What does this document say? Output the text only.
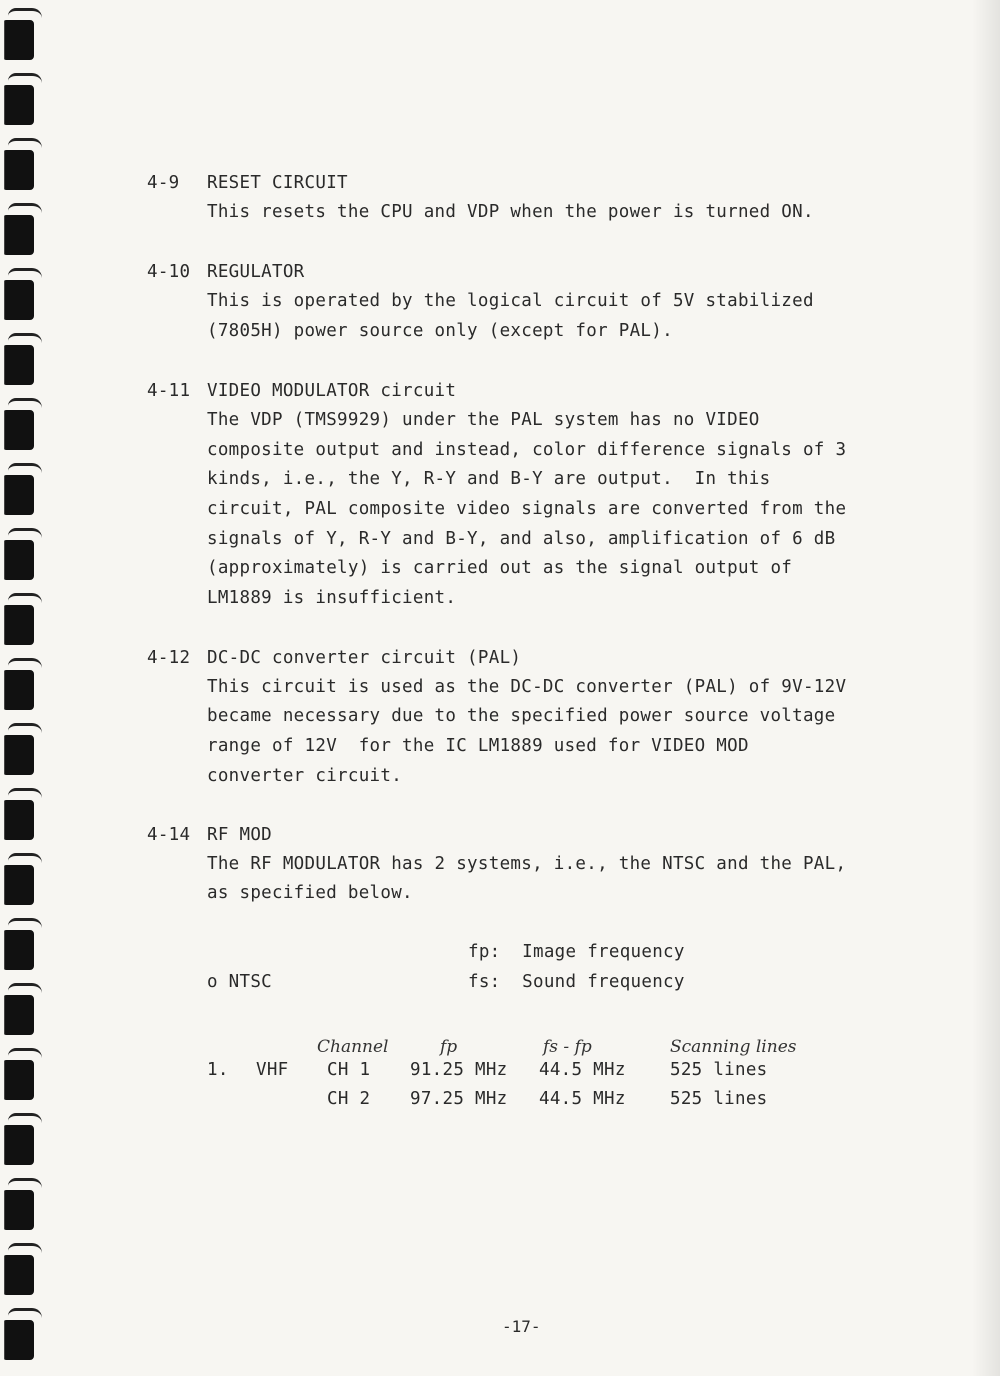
4-9 RESET CIRCUIT
This resets the CPU and VDP when the power is turned ON.
4-10 REGULATOR
This is operated by the logical circuit of 5V stabilized
(7805H) power source only (except for PAL).
4-11 VIDEO MODULATOR circuit
The VDP (TMS9929) under the PAL system has no VIDEO
composite output and instead, color difference signals of 3
kinds, i.e., the Y, R-Y and B-Y are output.  In this
circuit, PAL composite video signals are converted from the
signals of Y, R-Y and B-Y, and also, amplification of 6 dB
(approximately) is carried out as the signal output of
LM1889 is insufficient.
4-12 DC-DC converter circuit (PAL)
This circuit is used as the DC-DC converter (PAL) of 9V-12V
became necessary due to the specified power source voltage
range of 12V  for the IC LM1889 used for VIDEO MOD
converter circuit.
4-14 RF MOD
The RF MODULATOR has 2 systems, i.e., the NTSC and the PAL,
as specified below.
fp:  Image frequency
o NTSC	fs:  Sound frequency
Channel	fp	fs - fp	Scanning lines
1. VHF CH 1 91.25 MHz 44.5 MHz	525 lines
CH 2 97.25 MHz 44.5 MHz	525 lines
-17-
